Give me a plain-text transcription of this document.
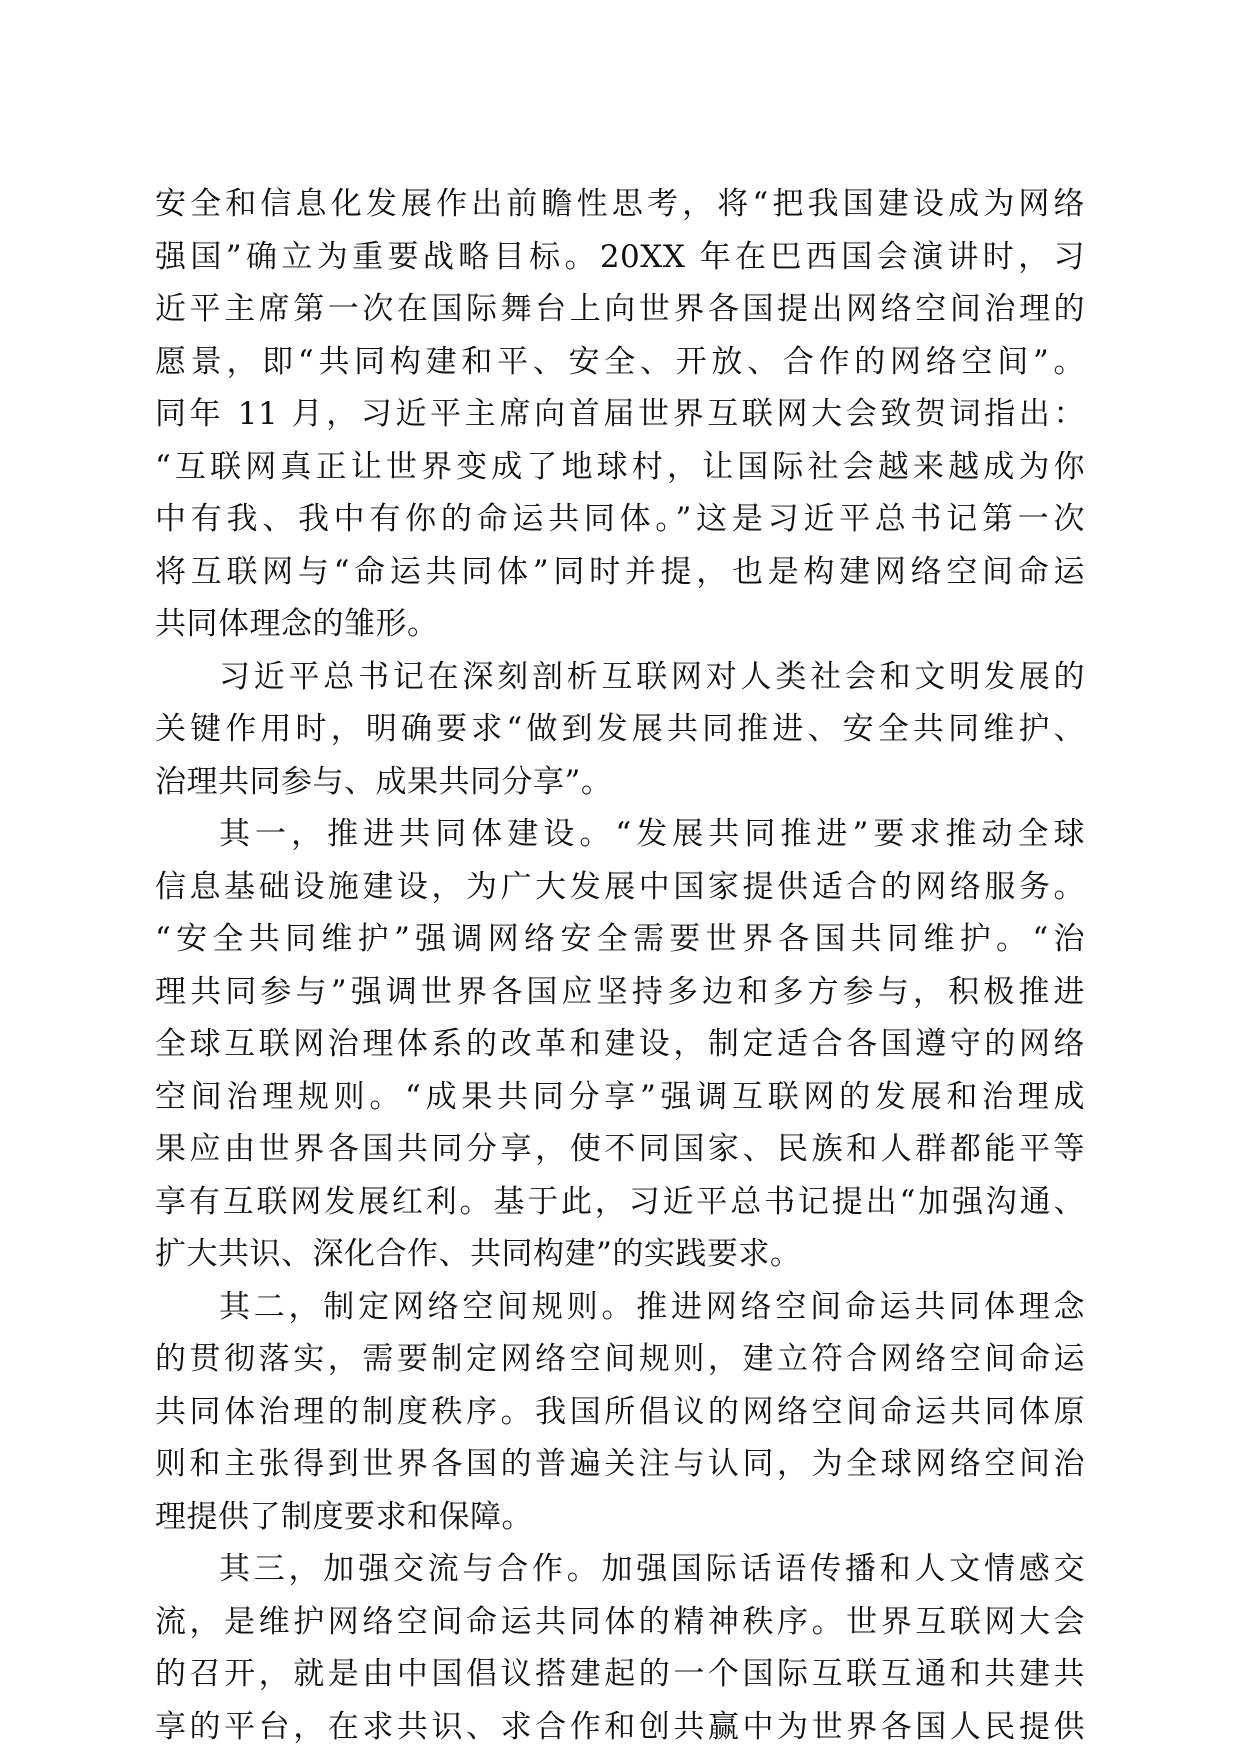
安全和信息化发展作出前瞻性思考，将“把我国建设成为网络
强国”确立为重要战略目标。20XX 年在巴西国会演讲时，习
近平主席第一次在国际舞台上向世界各国提出网络空间治理的
愿景，即“共同构建和平、安全、开放、合作的网络空间”。
同年 11 月，习近平主席向首届世界互联网大会致贺词指出：
“互联网真正让世界变成了地球村，让国际社会越来越成为你
中有我、我中有你的命运共同体。”这是习近平总书记第一次
将互联网与“命运共同体”同时并提，也是构建网络空间命运
共同体理念的雏形。
习近平总书记在深刻剖析互联网对人类社会和文明发展的
关键作用时，明确要求“做到发展共同推进、安全共同维护、
治理共同参与、成果共同分享”。
其一，推进共同体建设。“发展共同推进”要求推动全球
信息基础设施建设，为广大发展中国家提供适合的网络服务。
“安全共同维护”强调网络安全需要世界各国共同维护。“治
理共同参与”强调世界各国应坚持多边和多方参与，积极推进
全球互联网治理体系的改革和建设，制定适合各国遵守的网络
空间治理规则。“成果共同分享”强调互联网的发展和治理成
果应由世界各国共同分享，使不同国家、民族和人群都能平等
享有互联网发展红利。基于此，习近平总书记提出“加强沟通、
扩大共识、深化合作、共同构建”的实践要求。
其二，制定网络空间规则。推进网络空间命运共同体理念
的贯彻落实，需要制定网络空间规则，建立符合网络空间命运
共同体治理的制度秩序。我国所倡议的网络空间命运共同体原
则和主张得到世界各国的普遍关注与认同，为全球网络空间治
理提供了制度要求和保障。
其三，加强交流与合作。加强国际话语传播和人文情感交
流，是维护网络空间命运共同体的精神秩序。世界互联网大会
的召开，就是由中国倡议搭建起的一个国际互联互通和共建共
享的平台，在求共识、求合作和创共赢中为世界各国人民提供
